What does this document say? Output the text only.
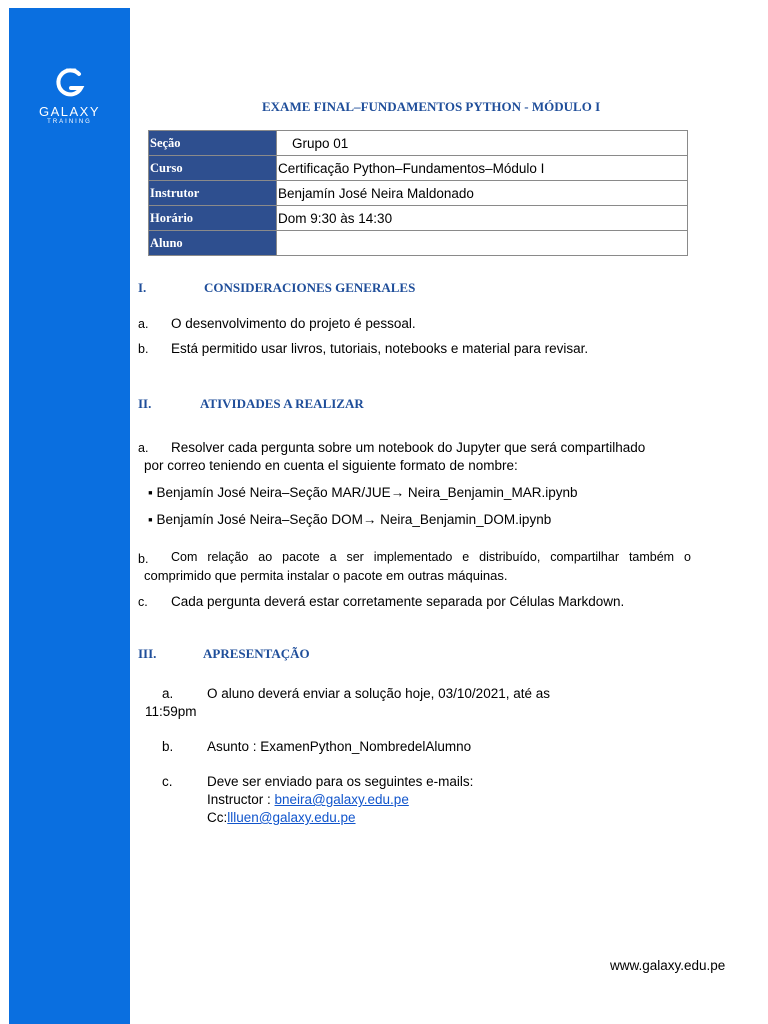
GALAXY
TRAINING
EXAME FINAL–FUNDAMENTOS PYTHON - MÓDULO I
Seção	Grupo 01
Curso	Certificação Python–Fundamentos–Módulo I
Instrutor	Benjamín José Neira Maldonado
Horário	Dom 9:30 às 14:30
Aluno	
I.	CONSIDERACIONES GENERALES
a. O desenvolvimento do projeto é pessoal.
b. Está permitido usar livros, tutoriais, notebooks e material para revisar.
II.	ATIVIDADES A REALIZAR
a. Resolver cada pergunta sobre um notebook do Jupyter que será compartilhado
por correo teniendo en cuenta el siguiente formato de nombre:
▪ Benjamín José Neira–Seção MAR/JUE→ Neira_Benjamin_MAR.ipynb
▪ Benjamín José Neira–Seção DOM→ Neira_Benjamin_DOM.ipynb
b. Com relação ao pacote a ser implementado e distribuído, compartilhar também o
comprimido que permita instalar o pacote em outras máquinas.
c. Cada pergunta deverá estar corretamente separada por Células Markdown.
III.	APRESENTAÇÃO
a. O aluno deverá enviar a solução hoje, 03/10/2021, até as
11:59pm
b. Asunto : ExamenPython_NombredelAlumno
c.	Deve ser enviado para os seguintes e-mails:
Instructor : bneira@galaxy.edu.pe
Cc:llluen@galaxy.edu.pe
www.galaxy.edu.pe
